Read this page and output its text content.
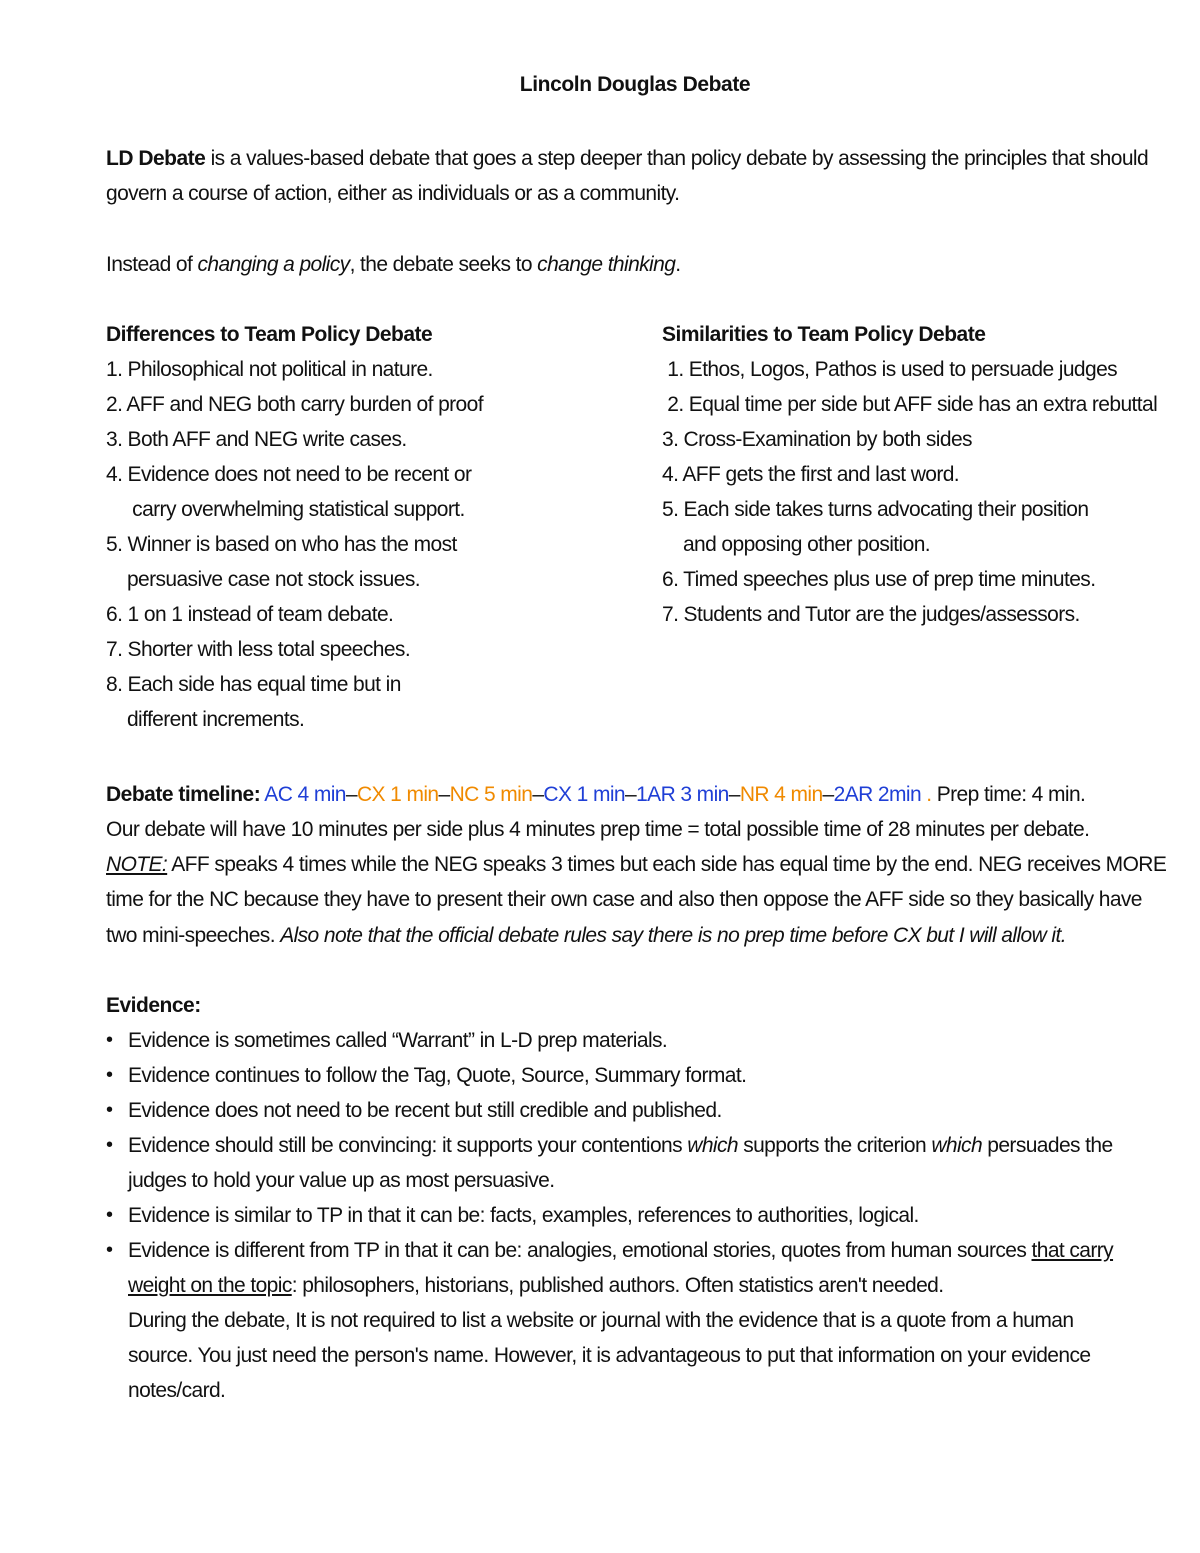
Lincoln Douglas Debate
LD Debate is a values-based debate that goes a step deeper than policy debate by assessing the principles that should
govern a course of action, either as individuals or as a community.
Instead of changing a policy, the debate seeks to change thinking.
Differences to Team Policy Debate
1. Philosophical not political in nature.
2. AFF and NEG both carry burden of proof
3. Both AFF and NEG write cases.
4. Evidence does not need to be recent or
carry overwhelming statistical support.
5. Winner is based on who has the most
persuasive case not stock issues.
6. 1 on 1 instead of team debate.
7. Shorter with less total speeches.
8. Each side has equal time but in
different increments.
Similarities to Team Policy Debate
1. Ethos, Logos, Pathos is used to persuade judges
2. Equal time per side but AFF side has an extra rebuttal
3. Cross-Examination by both sides
4. AFF gets the first and last word.
5. Each side takes turns advocating their position
and opposing other position.
6. Timed speeches plus use of prep time minutes.
7. Students and Tutor are the judges/assessors.
Debate timeline: AC 4 min–CX 1 min–NC 5 min–CX 1 min–1AR 3 min–NR 4 min–2AR 2min . Prep time: 4 min.
Our debate will have 10 minutes per side plus 4 minutes prep time = total possible time of 28 minutes per debate.
NOTE: AFF speaks 4 times while the NEG speaks 3 times but each side has equal time by the end. NEG receives MORE
time for the NC because they have to present their own case and also then oppose the AFF side so they basically have
two mini-speeches. Also note that the official debate rules say there is no prep time before CX but I will allow it.
Evidence:
• Evidence is sometimes called “Warrant” in L-D prep materials.
• Evidence continues to follow the Tag, Quote, Source, Summary format.
• Evidence does not need to be recent but still credible and published.
• Evidence should still be convincing: it supports your contentions which supports the criterion which persuades the
judges to hold your value up as most persuasive.
• Evidence is similar to TP in that it can be: facts, examples, references to authorities, logical.
• Evidence is different from TP in that it can be: analogies, emotional stories, quotes from human sources that carry
weight on the topic: philosophers, historians, published authors. Often statistics aren't needed.
During the debate, It is not required to list a website or journal with the evidence that is a quote from a human
source. You just need the person's name. However, it is advantageous to put that information on your evidence
notes/card.
